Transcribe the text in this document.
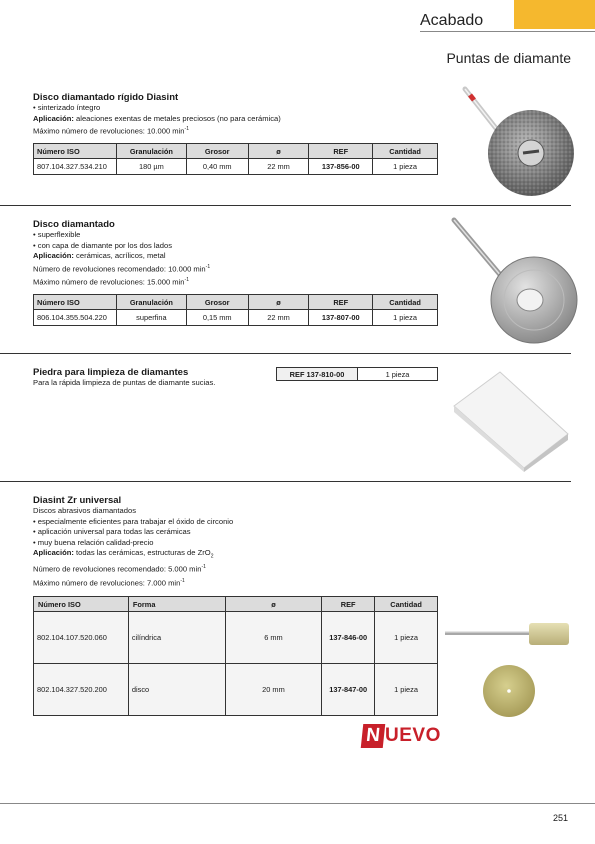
Acabado
Puntas de diamante
Disco diamantado rígido Diasint
• sinterizado íntegro
Aplicación: aleaciones exentas de metales preciosos (no para cerámica)
Máximo número de revoluciones: 10.000 $\min^{-1}$
Número ISO	Granulación	Grosor	ø	REF	Cantidad
807.104.327.534.210	180 µm	0,40 mm	22 mm	137-856-00	1 pieza
Disco diamantado
• superflexible
• con capa de diamante por los dos lados
Aplicación: cerámicas, acrílicos, metal
Número de revoluciones recomendado: 10.000 $\min^{-1}$
Máximo número de revoluciones: 15.000 $\min^{-1}$
Número ISO	Granulación	Grosor	ø	REF	Cantidad
806.104.355.504.220	superfina	0,15 mm	22 mm	137-807-00	1 pieza
Piedra para limpieza de diamantes
Para la rápida limpieza de puntas de diamante sucias.
REF 137-810-00	1 pieza
Diasint Zr universal
Discos abrasivos diamantados
• especialmente eficientes para trabajar el óxido de circonio
• aplicación universal para todas las cerámicas
• muy buena relación calidad-precio
Aplicación: todas las cerámicas, estructuras de ZrO$_2$
Número de revoluciones recomendado: 5.000 $\min^{-1}$
Máximo número de revoluciones: 7.000 $\min^{-1}$
Número ISO	Forma	ø	REF	Cantidad
802.104.107.520.060	cilíndrica	6 mm	137-846-00	1 pieza
802.104.327.520.200	disco	20 mm	137-847-00	1 pieza
N UEVO
251
